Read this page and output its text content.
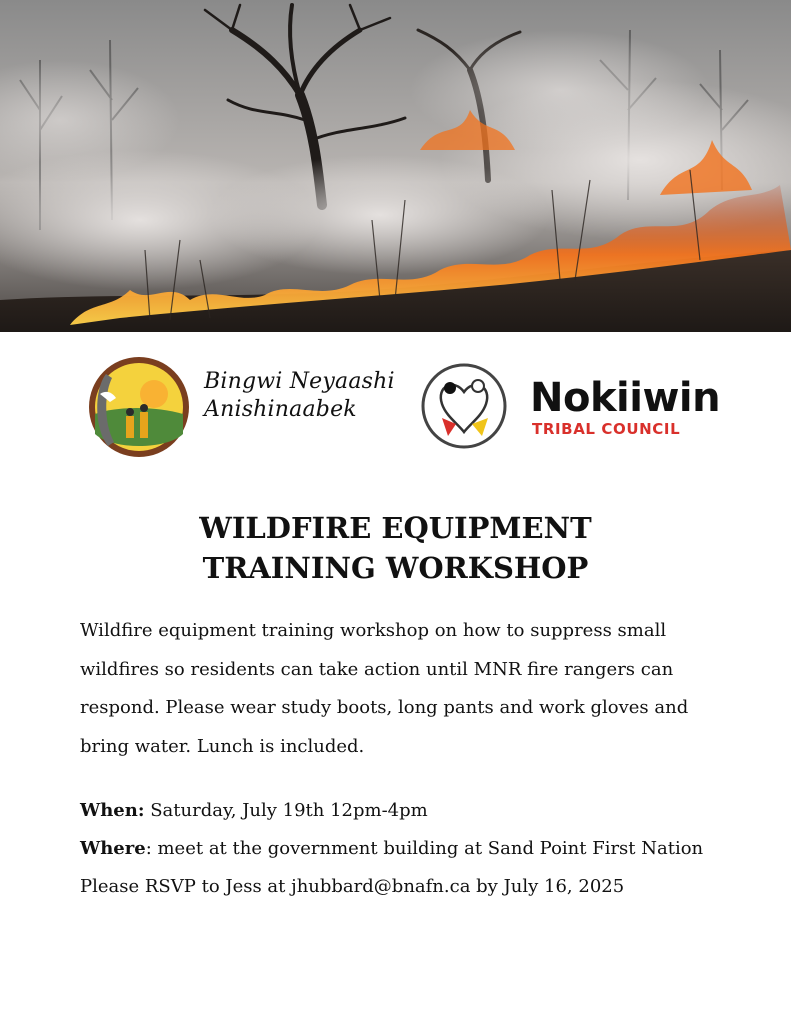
Bingwi Neyaashi
Anishinaabek	Nokiiwin
TRIBAL COUNCIL
WILDFIRE EQUIPMENT
TRAINING WORKSHOP
Wildfire equipment training workshop on how to suppress small wildfires so residents can take action until MNR fire rangers can respond. Please wear study boots, long pants and work gloves and bring water. Lunch is included.
When: Saturday, July 19th 12pm-4pm
Where: meet at the government building at Sand Point First Nation
Please RSVP to Jess at jhubbard@bnafn.ca by July 16, 2025
